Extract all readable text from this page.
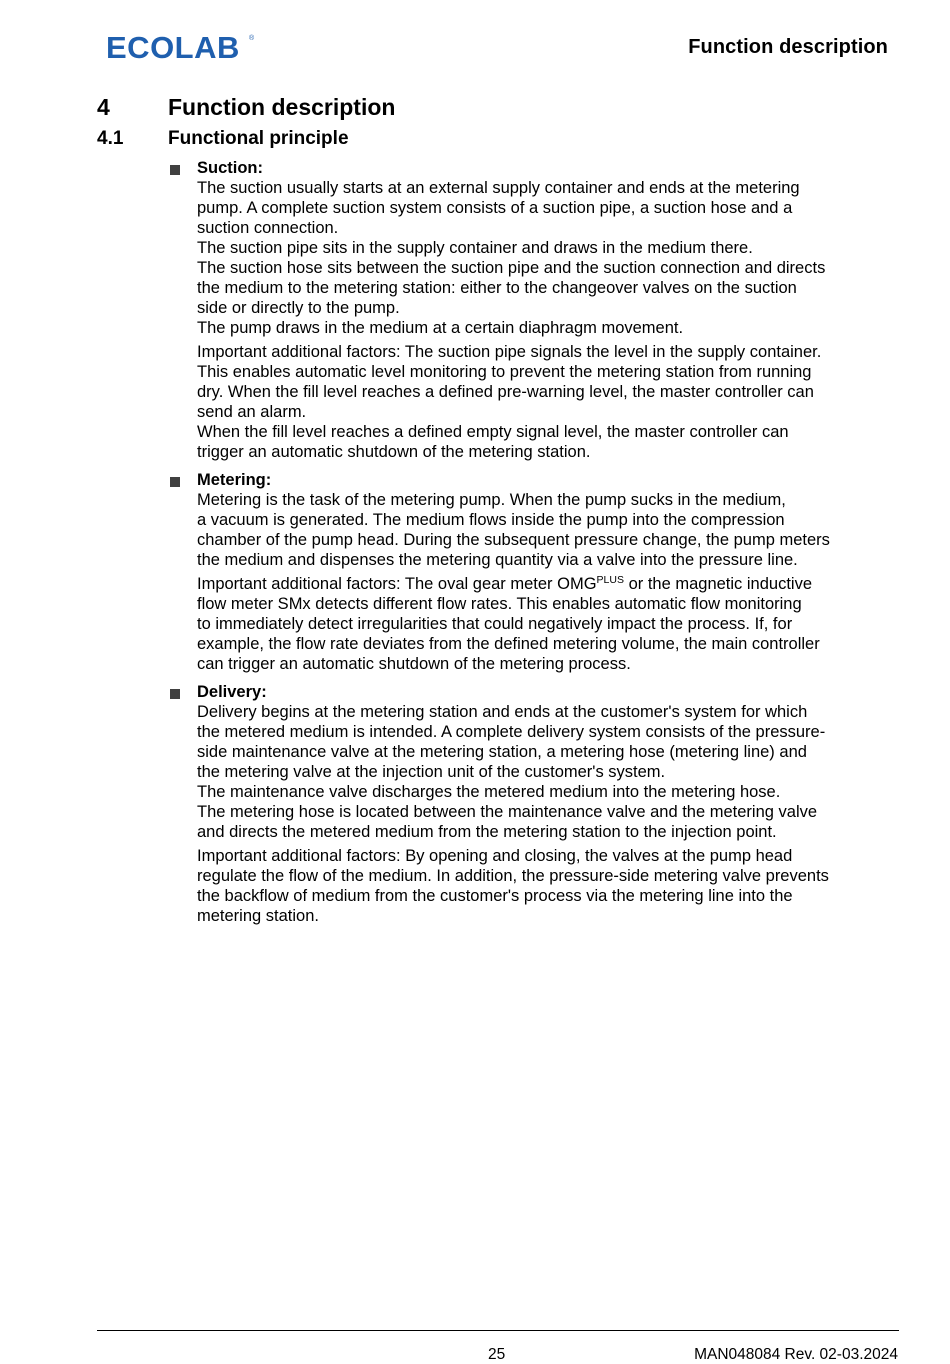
ECOLAB ®	Function description
4	Function description
4.1 Functional principle
Suction:
The suction usually starts at an external supply container and ends at the metering
pump. A complete suction system consists of a suction pipe, a suction hose and a
suction connection.
The suction pipe sits in the supply container and draws in the medium there.
The suction hose sits between the suction pipe and the suction connection and directs
the medium to the metering station: either to the changeover valves on the suction
side or directly to the pump.
The pump draws in the medium at a certain diaphragm movement.
Important additional factors: The suction pipe signals the level in the supply container.
This enables automatic level monitoring to prevent the metering station from running
dry. When the fill level reaches a defined pre-warning level, the master controller can
send an alarm.
When the fill level reaches a defined empty signal level, the master controller can
trigger an automatic shutdown of the metering station.
Metering:
Metering is the task of the metering pump. When the pump sucks in the medium,
a vacuum is generated. The medium flows inside the pump into the compression
chamber of the pump head. During the subsequent pressure change, the pump meters
the medium and dispenses the metering quantity via a valve into the pressure line.
Important additional factors: The oval gear meter $OMG^{PLUS}$ or the magnetic inductive
flow meter SMx detects different flow rates. This enables automatic flow monitoring
to immediately detect irregularities that could negatively impact the process. If, for
example, the flow rate deviates from the defined metering volume, the main controller
can trigger an automatic shutdown of the metering process.
Delivery:
Delivery begins at the metering station and ends at the customer's system for which
the metered medium is intended. A complete delivery system consists of the pressure-
side maintenance valve at the metering station, a metering hose (metering line) and
the metering valve at the injection unit of the customer's system.
The maintenance valve discharges the metered medium into the metering hose.
The metering hose is located between the maintenance valve and the metering valve
and directs the metered medium from the metering station to the injection point.
Important additional factors: By opening and closing, the valves at the pump head
regulate the flow of the medium. In addition, the pressure-side metering valve prevents
the backflow of medium from the customer's process via the metering line into the
metering station.
25	MAN048084 Rev. 02-03.2024
